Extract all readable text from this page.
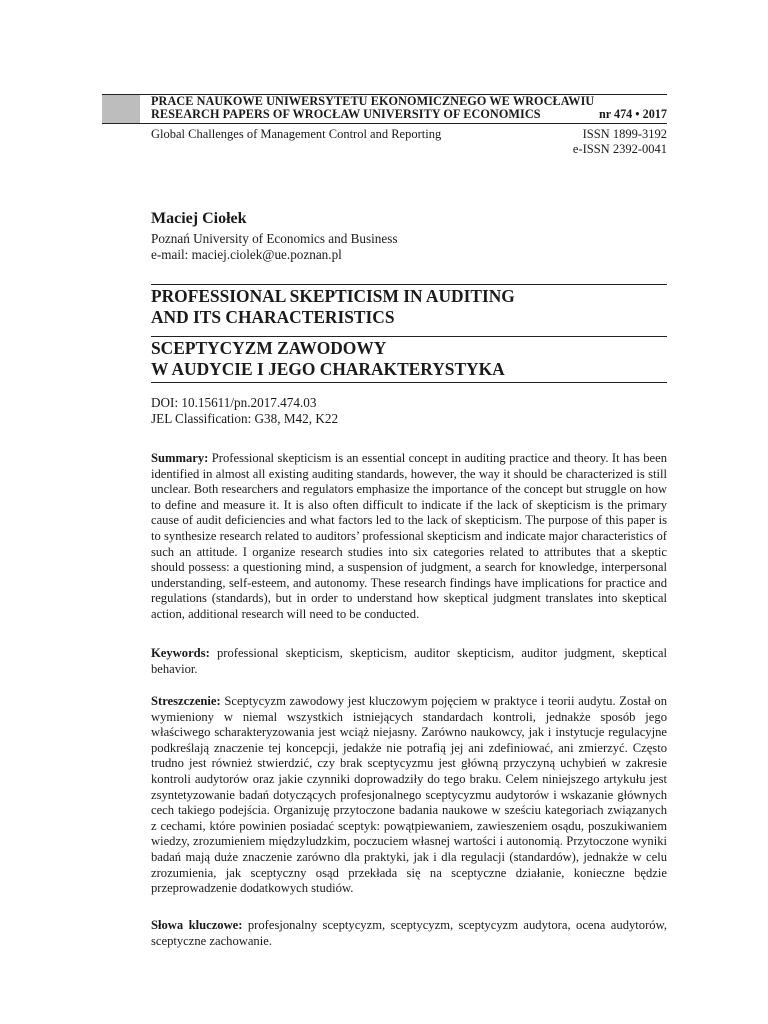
PRACE NAUKOWE UNIWERSYTETU EKONOMICZNEGO WE WROCŁAWIU
RESEARCH PAPERS OF WROCŁAW UNIVERSITY OF ECONOMICS	nr 474 • 2017
Global Challenges of Management Control and Reporting	ISSN 1899-3192
e-ISSN 2392-0041
Maciej Ciołek
Poznań University of Economics and Business
e-mail: maciej.ciolek@ue.poznan.pl
PROFESSIONAL SKEPTICISM IN AUDITING
AND ITS CHARACTERISTICS
SCEPTYCYZM ZAWODOWY
W AUDYCIE I JEGO CHARAKTERYSTYKA
DOI: 10.15611/pn.2017.474.03
JEL Classification: G38, M42, K22
Summary: Professional skepticism is an essential concept in auditing practice and theory. It has been identified in almost all existing auditing standards, however, the way it should be characterized is still unclear. Both researchers and regulators emphasize the importance of the concept but struggle on how to define and measure it. It is also often difficult to indicate if the lack of skepticism is the primary cause of audit deficiencies and what factors led to the lack of skepticism. The purpose of this paper is to synthesize research related to auditors’ professional skepticism and indicate major characteristics of such an attitude. I organize research studies into six categories related to attributes that a skeptic should possess: a questioning mind, a suspension of judgment, a search for knowledge, interpersonal understanding, self-esteem, and autonomy. These research findings have implications for practice and regulations (standards), but in order to understand how skeptical judgment translates into skeptical action, additional research will need to be conducted.
Keywords: professional skepticism, skepticism, auditor skepticism, auditor judgment, skeptical behavior.
Streszczenie: Sceptycyzm zawodowy jest kluczowym pojęciem w praktyce i teorii audytu. Został on wymieniony w niemal wszystkich istniejących standardach kontroli, jednakże sposób jego właściwego scharakteryzowania jest wciąż niejasny. Zarówno naukowcy, jak i instytucje regulacyjne podkreślają znaczenie tej koncepcji, jedakże nie potrafią jej ani zdefiniować, ani zmierzyć. Często trudno jest również stwierdzić, czy brak sceptycyzmu jest główną przyczyną uchybień w zakresie kontroli audytorów oraz jakie czynniki doprowadziły do tego braku. Celem niniejszego artykułu jest zsyntetyzowanie badań dotyczących profesjonalnego sceptycyzmu audytorów i wskazanie głównych cech takiego podejścia. Organizuję przytoczone badania naukowe w sześciu kategoriach związanych z cechami, które powinien posiadać sceptyk: powątpiewaniem, zawieszeniem osądu, poszukiwaniem wiedzy, zrozumieniem międzyludzkim, poczuciem własnej wartości i autonomią. Przytoczone wyniki badań mają duże znaczenie zarówno dla praktyki, jak i dla regulacji (standardów), jednakże w celu zrozumienia, jak sceptyczny osąd przekłada się na sceptyczne działanie, konieczne będzie przeprowadzenie dodatkowych studiów.
Słowa kluczowe: profesjonalny sceptycyzm, sceptycyzm, sceptycyzm audytora, ocena audytorów, sceptyczne zachowanie.
